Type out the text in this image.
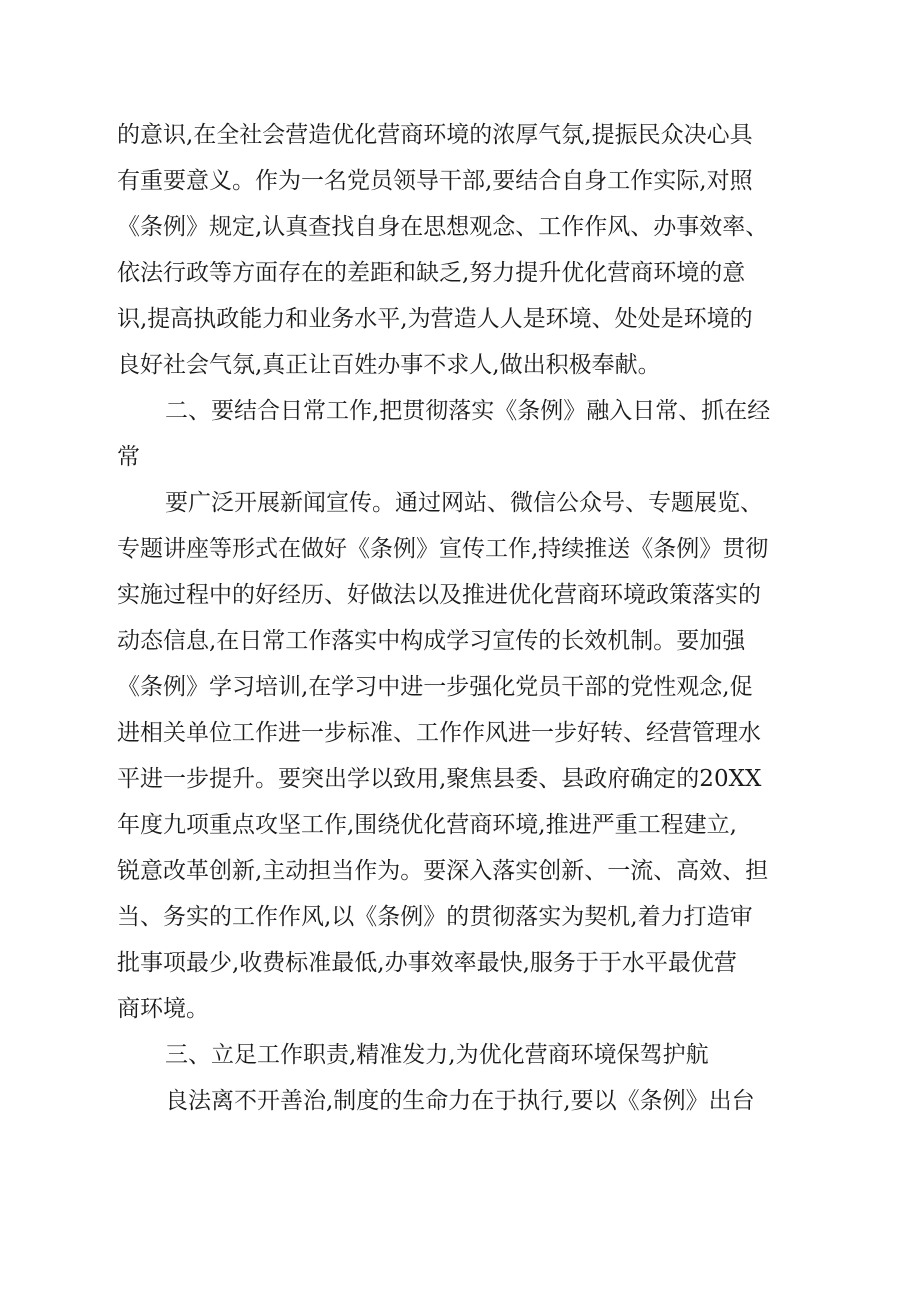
的意识,在全社会营造优化营商环境的浓厚气氛,提振民众决心具
有重要意义。作为一名党员领导干部,要结合自身工作实际,对照
《条例》规定,认真查找自身在思想观念、工作作风、办事效率、
依法行政等方面存在的差距和缺乏,努力提升优化营商环境的意
识,提高执政能力和业务水平,为营造人人是环境、处处是环境的
良好社会气氛,真正让百姓办事不求人,做出积极奉献。
二、要结合日常工作,把贯彻落实《条例》融入日常、抓在经
常
要广泛开展新闻宣传。通过网站、微信公众号、专题展览、
专题讲座等形式在做好《条例》宣传工作,持续推送《条例》贯彻
实施过程中的好经历、好做法以及推进优化营商环境政策落实的
动态信息,在日常工作落实中构成学习宣传的长效机制。要加强
《条例》学习培训,在学习中进一步强化党员干部的党性观念,促
进相关单位工作进一步标准、工作作风进一步好转、经营管理水
平进一步提升。要突出学以致用,聚焦县委、县政府确定的20XX
年度九项重点攻坚工作,围绕优化营商环境,推进严重工程建立,
锐意改革创新,主动担当作为。要深入落实创新、一流、高效、担
当、务实的工作作风,以《条例》的贯彻落实为契机,着力打造审
批事项最少,收费标准最低,办事效率最快,服务于于水平最优营
商环境。
三、立足工作职责,精准发力,为优化营商环境保驾护航
良法离不开善治,制度的生命力在于执行,要以《条例》出台
